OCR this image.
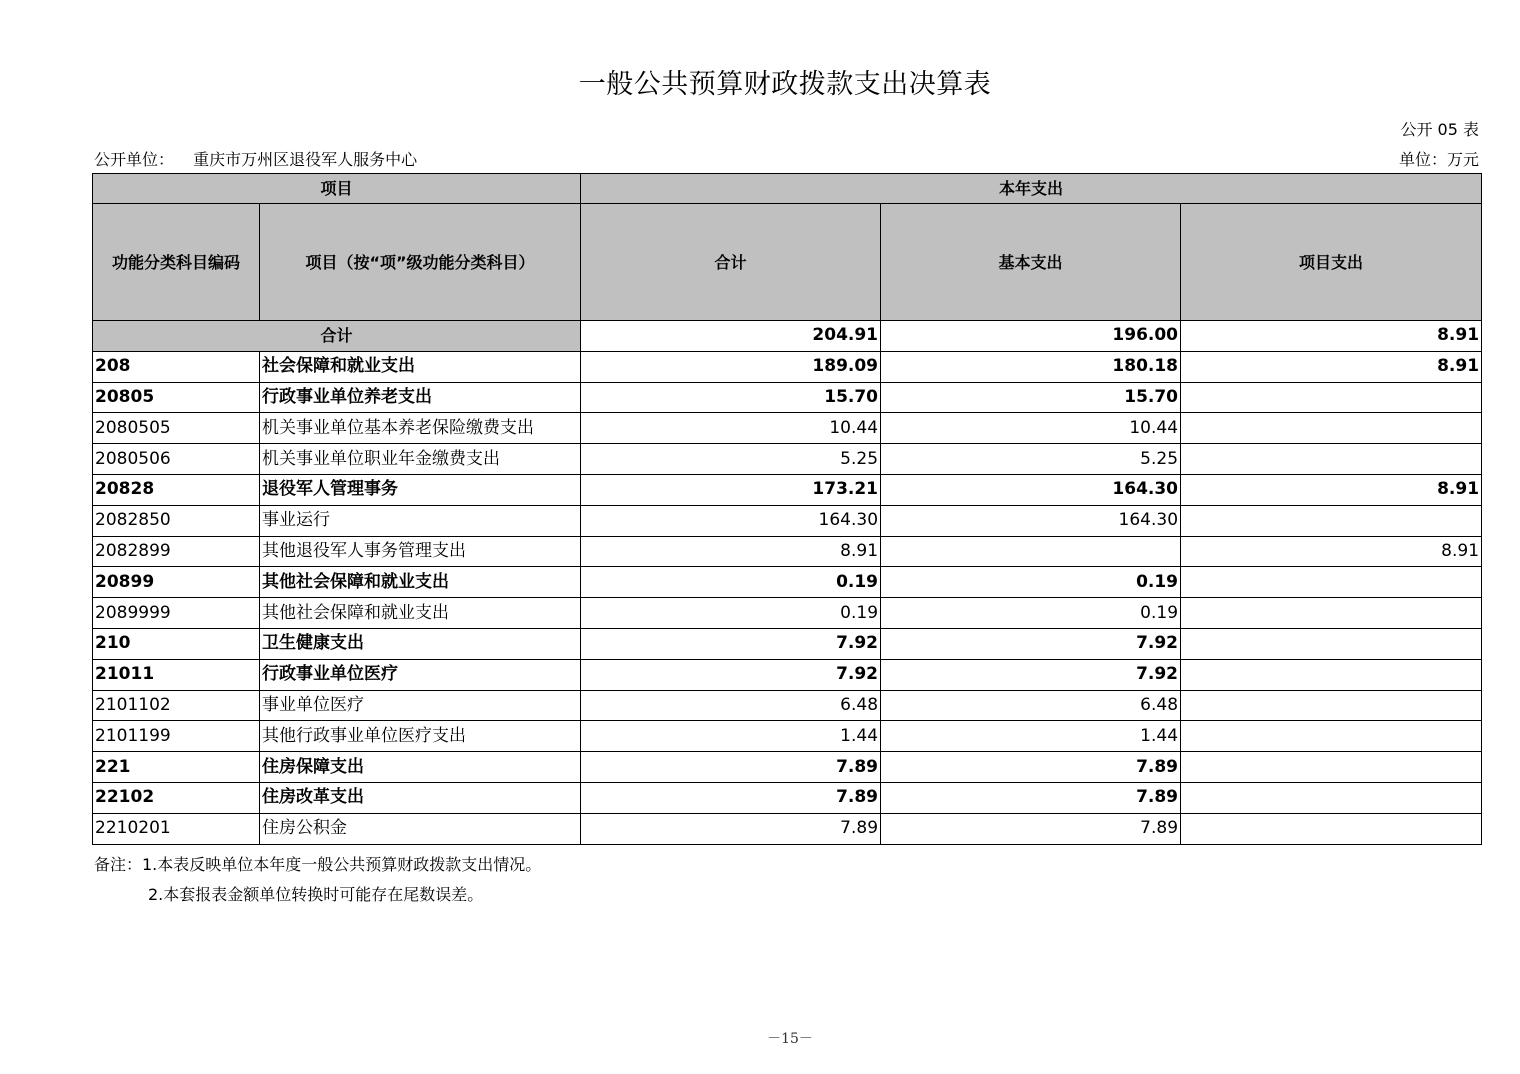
一般公共预算财政拨款支出决算表
公开 05 表
公开单位： 重庆市万州区退役军人服务中心	单位：万元
项目		本年支出		
功能分类科目编码	项目（按“项”级功能分类科目）	合计	基本支出	项目支出
合计		204.91	196.00	8.91
208	社会保障和就业支出	189.09	180.18	8.91
20805	行政事业单位养老支出	15.70	15.70	
2080505	机关事业单位基本养老保险缴费支出	10.44	10.44	
2080506	机关事业单位职业年金缴费支出	5.25	5.25	
20828	退役军人管理事务	173.21	164.30	8.91
2082850	事业运行	164.30	164.30	
2082899	其他退役军人事务管理支出	8.91		8.91
20899	其他社会保障和就业支出	0.19	0.19	
2089999	其他社会保障和就业支出	0.19	0.19	
210	卫生健康支出	7.92	7.92	
21011	行政事业单位医疗	7.92	7.92	
2101102	事业单位医疗	6.48	6.48	
2101199	其他行政事业单位医疗支出	1.44	1.44	
221	住房保障支出	7.89	7.89	
22102	住房改革支出	7.89	7.89	
2210201	住房公积金	7.89	7.89	
备注：1.本表反映单位本年度一般公共预算财政拨款支出情况。
2.本套报表金额单位转换时可能存在尾数误差。
－15－
